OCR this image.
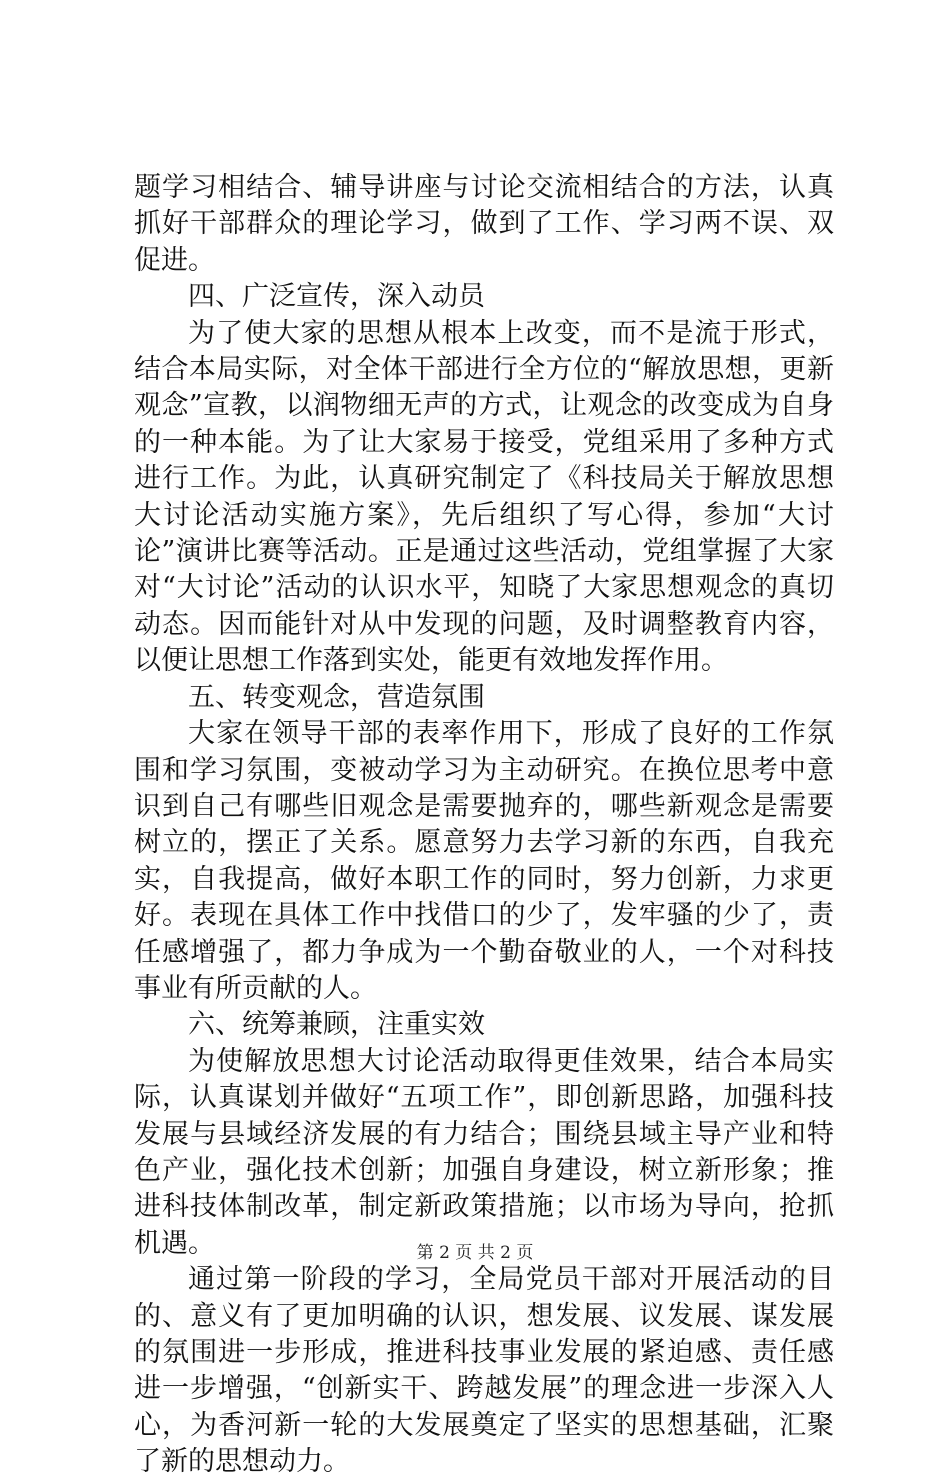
题学习相结合、辅导讲座与讨论交流相结合的方法，认真抓好干部群众的理论学习，做到了工作、学习两不误、双促进。

四、广泛宣传，深入动员

为了使大家的思想从根本上改变，而不是流于形式，结合本局实际，对全体干部进行全方位的“解放思想，更新观念”宣教，以润物细无声的方式，让观念的改变成为自身的一种本能。为了让大家易于接受，党组采用了多种方式进行工作。为此，认真研究制定了《科技局关于解放思想大讨论活动实施方案》，先后组织了写心得，参加“大讨论”演讲比赛等活动。正是通过这些活动，党组掌握了大家对“大讨论”活动的认识水平，知晓了大家思想观念的真切动态。因而能针对从中发现的问题，及时调整教育内容，以便让思想工作落到实处，能更有效地发挥作用。

五、转变观念，营造氛围

大家在领导干部的表率作用下，形成了良好的工作氛围和学习氛围，变被动学习为主动研究。在换位思考中意识到自己有哪些旧观念是需要抛弃的，哪些新观念是需要树立的，摆正了关系。愿意努力去学习新的东西，自我充实，自我提高，做好本职工作的同时，努力创新，力求更好。表现在具体工作中找借口的少了，发牢骚的少了，责任感增强了，都力争成为一个勤奋敬业的人，一个对科技事业有所贡献的人。

六、统筹兼顾，注重实效

为使解放思想大讨论活动取得更佳效果，结合本局实际，认真谋划并做好“五项工作”，即创新思路，加强科技发展与县域经济发展的有力结合；围绕县域主导产业和特色产业，强化技术创新；加强自身建设，树立新形象；推进科技体制改革，制定新政策措施；以市场为导向，抢抓机遇。

通过第一阶段的学习，全局党员干部对开展活动的目的、意义有了更加明确的认识，想发展、议发展、谋发展的氛围进一步形成，推进科技事业发展的紧迫感、责任感进一步增强，“创新实干、跨越发展”的理念进一步深入人心，为香河新一轮的大发展奠定了坚实的思想基础，汇聚了新的思想动力。

第 2 页 共 2 页
